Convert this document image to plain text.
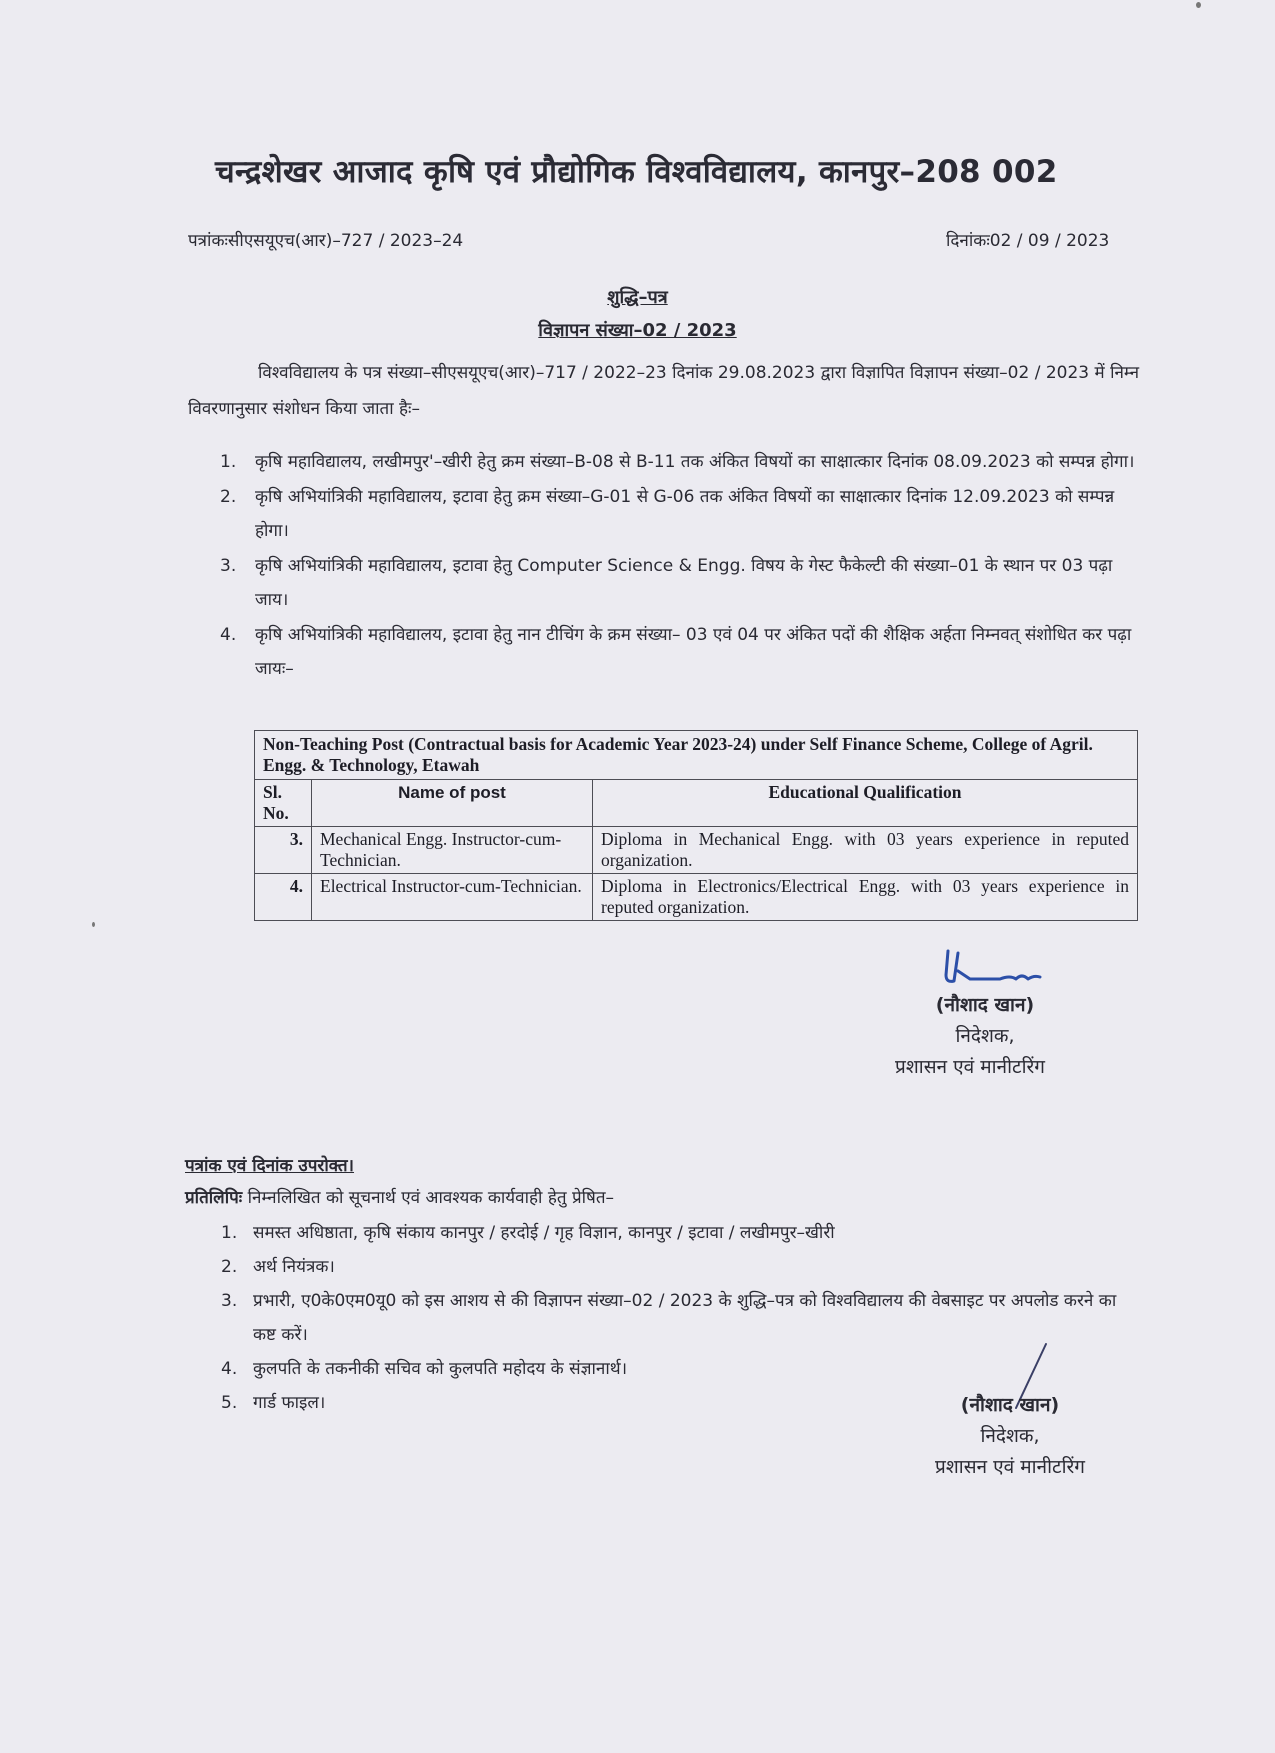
चन्द्रशेखर आजाद कृषि एवं प्रौद्योगिक विश्वविद्यालय, कानपुर–208 002
पत्रांकःसीएसयूएच(आर)–727 / 2023–24	दिनांकः02 / 09 / 2023
शुद्धि–पत्र
विज्ञापन संख्या–02 / 2023
विश्वविद्यालय के पत्र संख्या–सीएसयूएच(आर)–717 / 2022–23 दिनांक 29.08.2023 द्वारा विज्ञापित विज्ञापन संख्या–02 / 2023 में निम्न विवरणानुसार संशोधन किया जाता हैः–
1. कृषि महाविद्यालय, लखीमपुर'–खीरी हेतु क्रम संख्या–B-08 से B-11 तक अंकित विषयों का साक्षात्कार दिनांक 08.09.2023 को सम्पन्न होगा।
2. कृषि अभियांत्रिकी महाविद्यालय, इटावा हेतु क्रम संख्या–G-01 से G-06 तक अंकित विषयों का साक्षात्कार दिनांक 12.09.2023 को सम्पन्न होगा।
3. कृषि अभियांत्रिकी महाविद्यालय, इटावा हेतु Computer Science & Engg. विषय के गेस्ट फैकेल्टी की संख्या–01 के स्थान पर 03 पढ़ा जाय।
4. कृषि अभियांत्रिकी महाविद्यालय, इटावा हेतु नान टीचिंग के क्रम संख्या– 03 एवं 04 पर अंकित पदों की शैक्षिक अर्हता निम्नवत् संशोधित कर पढ़ा जायः–
Non-Teaching Post (Contractual basis for Academic Year 2023-24) under Self Finance Scheme, College of Agril. Engg. & Technology, Etawah		
Sl. No.	Name of post	Educational Qualification
3.	Mechanical Engg. Instructor-cum- Technician.	Diploma in Mechanical Engg. with 03 years experience in reputed organization.
4.	Electrical Instructor-cum-Technician.	Diploma in Electronics/Electrical Engg. with 03 years experience in reputed organization.
(नौशाद खान)
निदेशक,
प्रशासन एवं मानीटरिंग
पत्रांक एवं दिनांक उपरोक्त।
प्रतिलिपिः निम्नलिखित को सूचनार्थ एवं आवश्यक कार्यवाही हेतु प्रेषित–
1. समस्त अधिष्ठाता, कृषि संकाय कानपुर / हरदोई / गृह विज्ञान, कानपुर / इटावा / लखीमपुर–खीरी
2. अर्थ नियंत्रक।
3. प्रभारी, ए0के0एम0यू0 को इस आशय से की विज्ञापन संख्या–02 / 2023 के शुद्धि–पत्र को विश्वविद्यालय की वेबसाइट पर अपलोड करने का कष्ट करें।
4. कुलपति के तकनीकी सचिव को कुलपति महोदय के संज्ञानार्थ।
5. गार्ड फाइल।	(नौशाद खान)
निदेशक,
प्रशासन एवं मानीटरिंग
